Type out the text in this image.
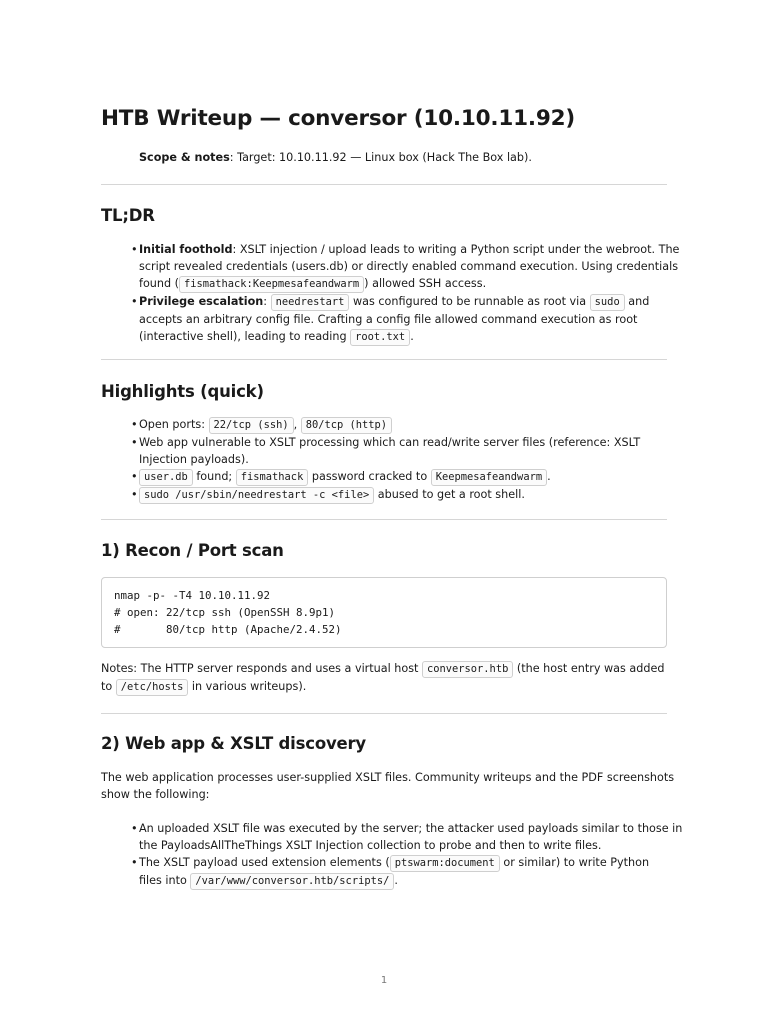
HTB Writeup — conversor (10.10.11.92)
Scope & notes: Target: 10.10.11.92 — Linux box (Hack The Box lab).
TL;DR
• Initial foothold: XSLT injection / upload leads to writing a Python script under the webroot. The
script revealed credentials (users.db) or directly enabled command execution. Using credentials
found ( fismathack:Keepmesafeandwarm ) allowed SSH access.
• Privilege escalation: needrestart was configured to be runnable as root via sudo and
accepts an arbitrary config file. Crafting a config file allowed command execution as root
(interactive shell), leading to reading root.txt .
Highlights (quick)
• Open ports: 22/tcp (ssh) , 80/tcp (http)
• Web app vulnerable to XSLT processing which can read/write server files (reference: XSLT
Injection payloads).
• user.db found; fismathack password cracked to Keepmesafeandwarm .
• sudo /usr/sbin/needrestart -c <file> abused to get a root shell.
1) Recon / Port scan
nmap -p- -T4 10.10.11.92
# open: 22/tcp ssh (OpenSSH 8.9p1)
#       80/tcp http (Apache/2.4.52)
Notes: The HTTP server responds and uses a virtual host conversor.htb (the host entry was added
to /etc/hosts in various writeups).
2) Web app & XSLT discovery
The web application processes user-supplied XSLT files. Community writeups and the PDF screenshots
show the following:
• An uploaded XSLT file was executed by the server; the attacker used payloads similar to those in
the PayloadsAllTheThings XSLT Injection collection to probe and then to write files.
• The XSLT payload used extension elements ( ptswarm:document or similar) to write Python
files into /var/www/conversor.htb/scripts/ .
1
